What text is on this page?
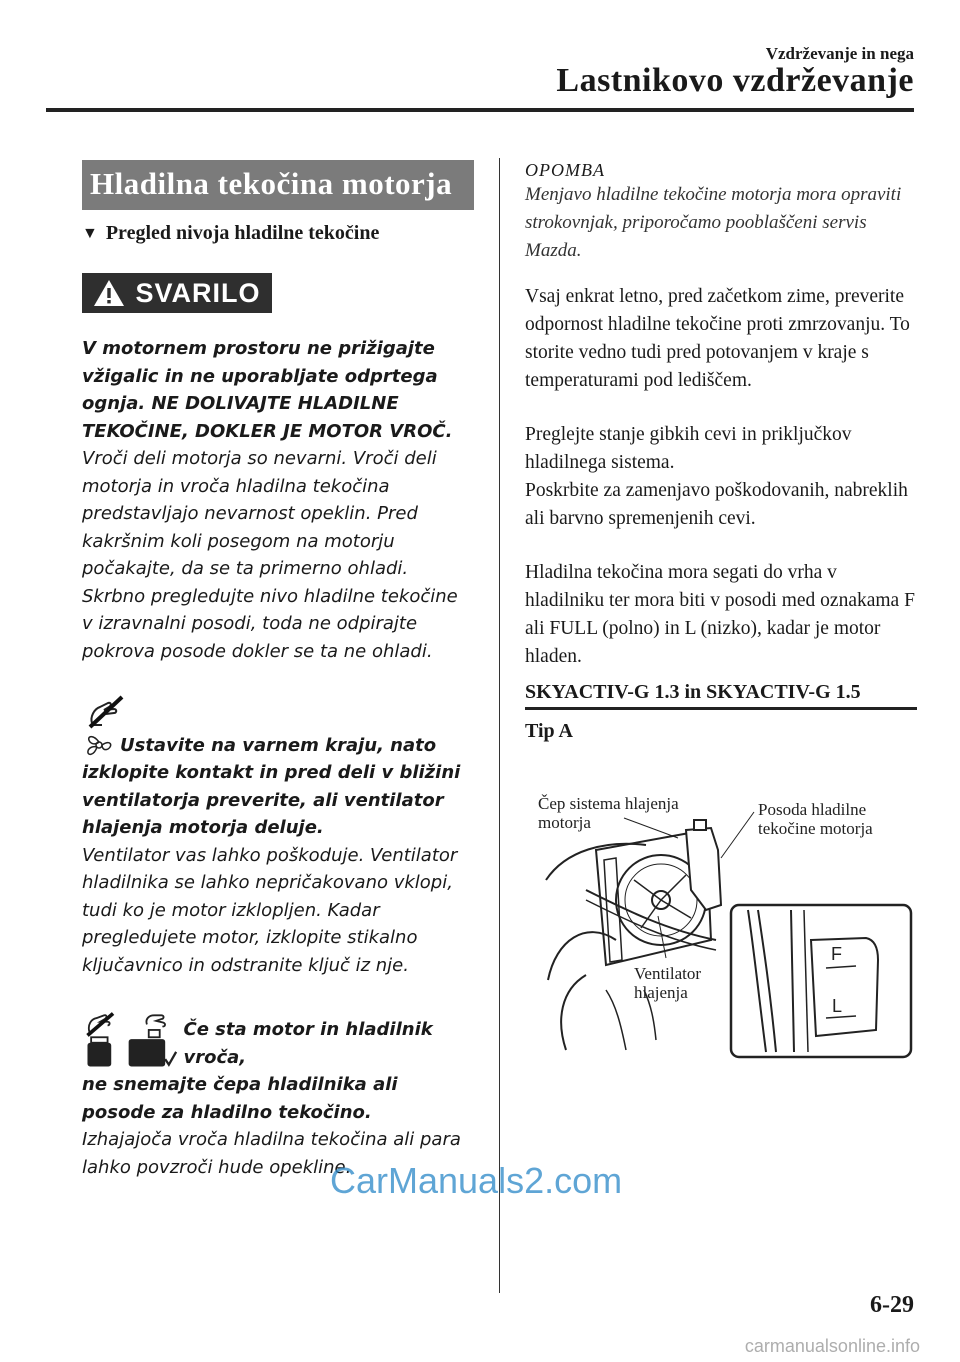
Vzdrževanje in nega
Lastnikovo vzdrževanje
Hladilna tekočina motorja
▼ Pregled nivoja hladilne tekočine
SVARILO
V motornem prostoru ne prižigajte vžigalic in ne uporabljate odprtega ognja. NE DOLIVAJTE HLADILNE TEKOČINE, DOKLER JE MOTOR VROČ.
Vroči deli motorja so nevarni. Vroči deli motorja in vroča hladilna tekočina predstavljajo nevarnost opeklin. Pred kakršnim koli posegom na motorju počakajte, da se ta primerno ohladi. Skrbno pregledujte nivo hladilne tekočine v izravnalni posodi, toda ne odpirajte pokrova posode dokler se ta ne ohladi.
Ustavite na varnem kraju, nato
izklopite kontakt in pred deli v bližini ventilatorja preverite, ali ventilator hlajenja motorja deluje.
Ventilator vas lahko poškoduje. Ventilator hladilnika se lahko nepričakovano vklopi, tudi ko je motor izklopljen. Kadar pregledujete motor, izklopite stikalno ključavnico in odstranite ključ iz nje.
Če sta motor in hladilnik vroča,
ne snemajte čepa hladilnika ali posode za hladilno tekočino.
Izhajajoča vroča hladilna tekočina ali para lahko povzroči hude opekline.
OPOMBA
Menjavo hladilne tekočine motorja mora opraviti strokovnjak, priporočamo pooblaščeni servis Mazda.
Vsaj enkrat letno, pred začetkom zime, preverite odpornost hladilne tekočine proti zmrzovanju. To storite vedno tudi pred potovanjem v kraje s temperaturami pod lediščem.
Preglejte stanje gibkih cevi in priključkov hladilnega sistema.
Poskrbite za zamenjavo poškodovanih, nabreklih ali barvno spremenjenih cevi.
Hladilna tekočina mora segati do vrha v hladilniku ter mora biti v posodi med oznakama F ali FULL (polno) in L (nizko), kadar je motor hladen.
SKYACTIV-G 1.3 in SKYACTIV-G 1.5
Tip A
F
L
Čep sistema hlajenja motorja
Posoda hladilne tekočine motorja
Ventilator hlajenja
6-29
CarManuals2.com
carmanualsonline.info
